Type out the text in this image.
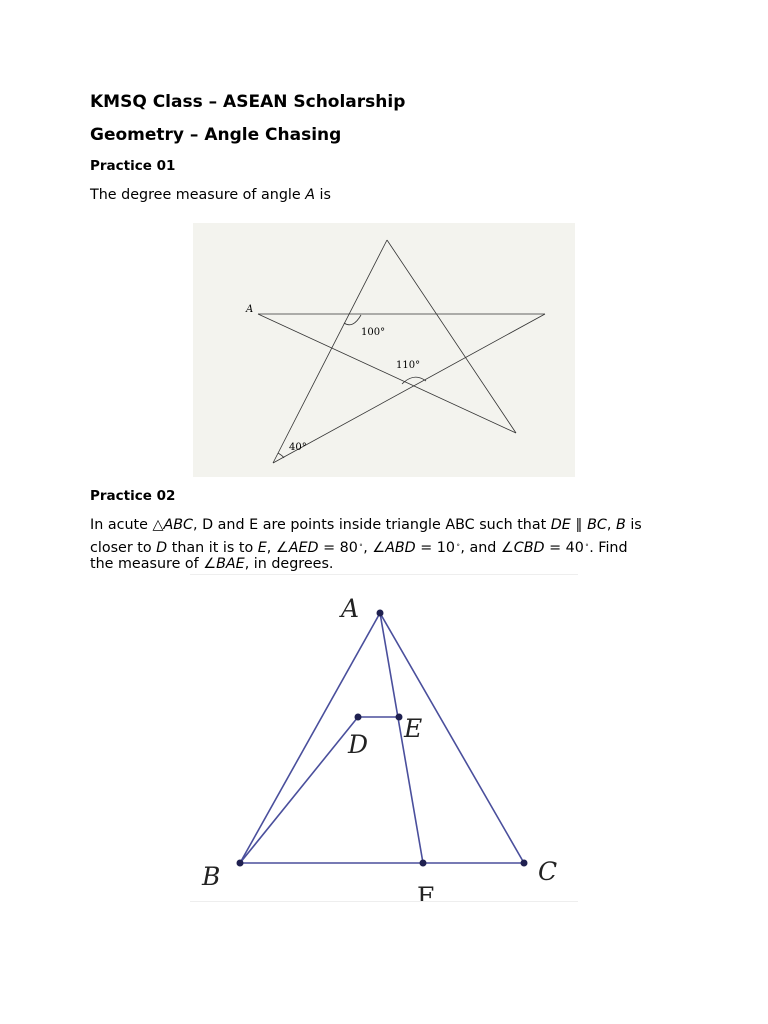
KMSQ Class – ASEAN Scholarship
Geometry – Angle Chasing
Practice 01
The degree measure of angle A is
A
100°
110°
40°
Practice 02
In acute △ABC, D and E are points inside triangle ABC such that DE ∥ BC, B is
closer to D than it is to E, ∠AED = 80∘, ∠ABD = 10∘, and ∠CBD = 40∘. Find
the measure of ∠BAE, in degrees.
A
B	C
D
E
F
